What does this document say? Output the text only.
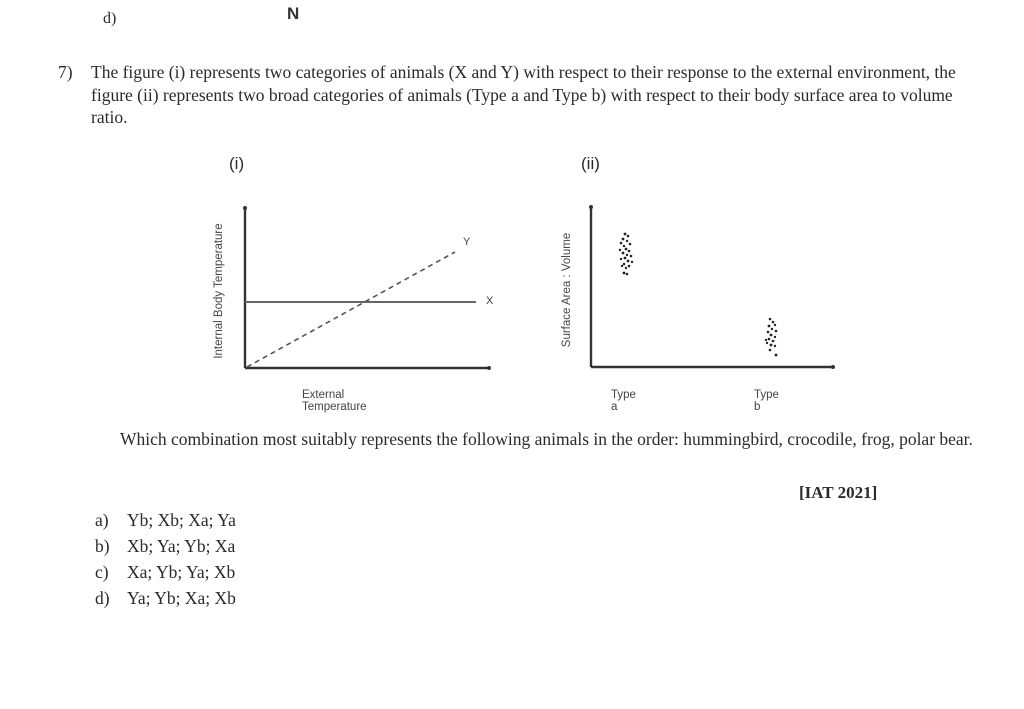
d)	N
7) The figure (i) represents two categories of animals (X and Y) with respect to their response to the external environment, the figure (ii) represents two broad categories of animals (Type a and Type b) with respect to their body surface area to volume ratio.
(i)	(ii)
Y
X
Internal Body Temperature
External Temperature
Surface Area : Volume
Type a
Type b
Which combination most suitably represents the following animals in the order: hummingbird, crocodile, frog, polar bear.
[IAT 2021]
a) Yb; Xb; Xa; Ya
b) Xb; Ya; Yb; Xa
c) Xa; Yb; Ya; Xb
d) Ya; Yb; Xa; Xb
